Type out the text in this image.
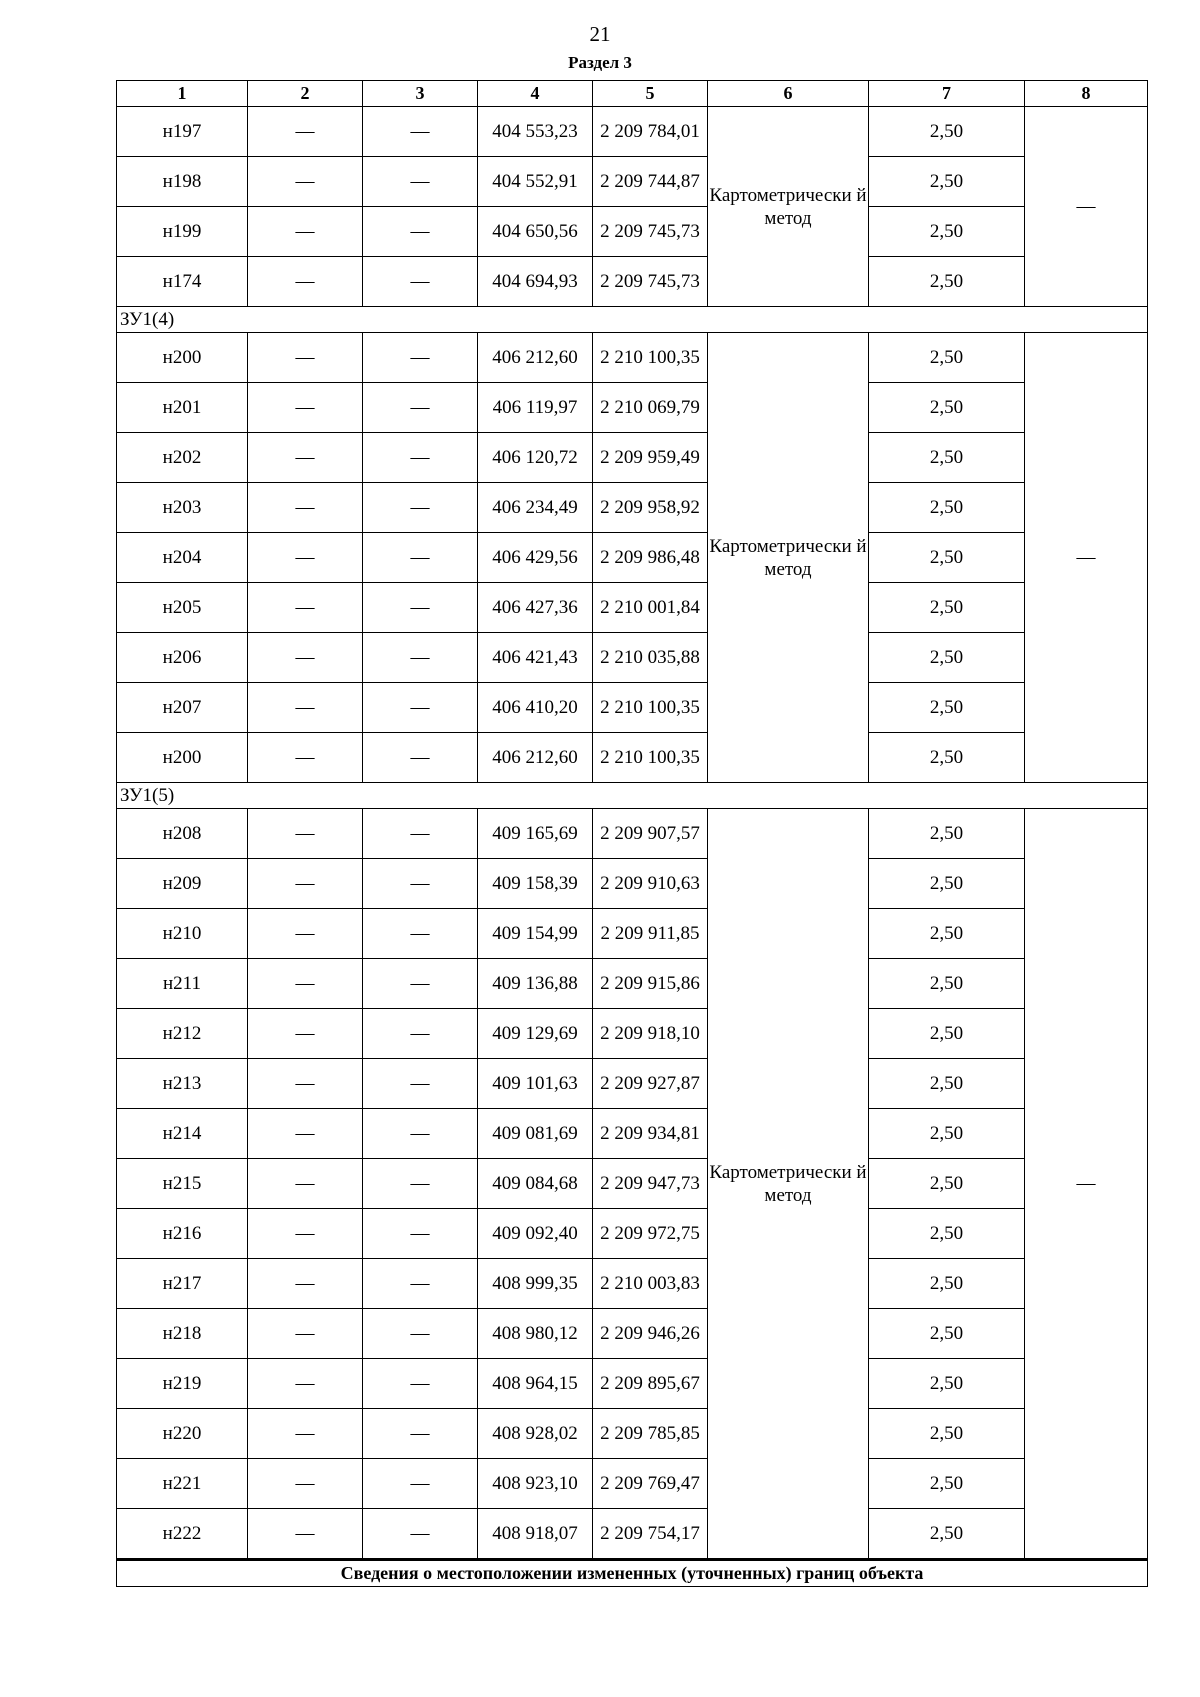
21
Раздел 3
1	2	3	4	5	6	7	8
н197	—	—	404 553,23	2 209 784,01	Картометрически й метод	2,50	—
н198	—	—	404 552,91	2 209 744,87		2,50	
н199	—	—	404 650,56	2 209 745,73		2,50	
н174	—	—	404 694,93	2 209 745,73		2,50	
ЗУ1(4)							
н200	—	—	406 212,60	2 210 100,35	Картометрически й метод	2,50	—
н201	—	—	406 119,97	2 210 069,79		2,50	
н202	—	—	406 120,72	2 209 959,49		2,50	
н203	—	—	406 234,49	2 209 958,92		2,50	
н204	—	—	406 429,56	2 209 986,48		2,50	
н205	—	—	406 427,36	2 210 001,84		2,50	
н206	—	—	406 421,43	2 210 035,88		2,50	
н207	—	—	406 410,20	2 210 100,35		2,50	
н200	—	—	406 212,60	2 210 100,35		2,50	
ЗУ1(5)							
н208	—	—	409 165,69	2 209 907,57	Картометрически й метод	2,50	—
н209	—	—	409 158,39	2 209 910,63		2,50	
н210	—	—	409 154,99	2 209 911,85		2,50	
н211	—	—	409 136,88	2 209 915,86		2,50	
н212	—	—	409 129,69	2 209 918,10		2,50	
н213	—	—	409 101,63	2 209 927,87		2,50	
н214	—	—	409 081,69	2 209 934,81		2,50	
н215	—	—	409 084,68	2 209 947,73		2,50	
н216	—	—	409 092,40	2 209 972,75		2,50	
н217	—	—	408 999,35	2 210 003,83		2,50	
н218	—	—	408 980,12	2 209 946,26		2,50	
н219	—	—	408 964,15	2 209 895,67		2,50	
н220	—	—	408 928,02	2 209 785,85		2,50	
н221	—	—	408 923,10	2 209 769,47		2,50	
н222	—	—	408 918,07	2 209 754,17		2,50	
Сведения о местоположении измененных (уточненных) границ объекта							
